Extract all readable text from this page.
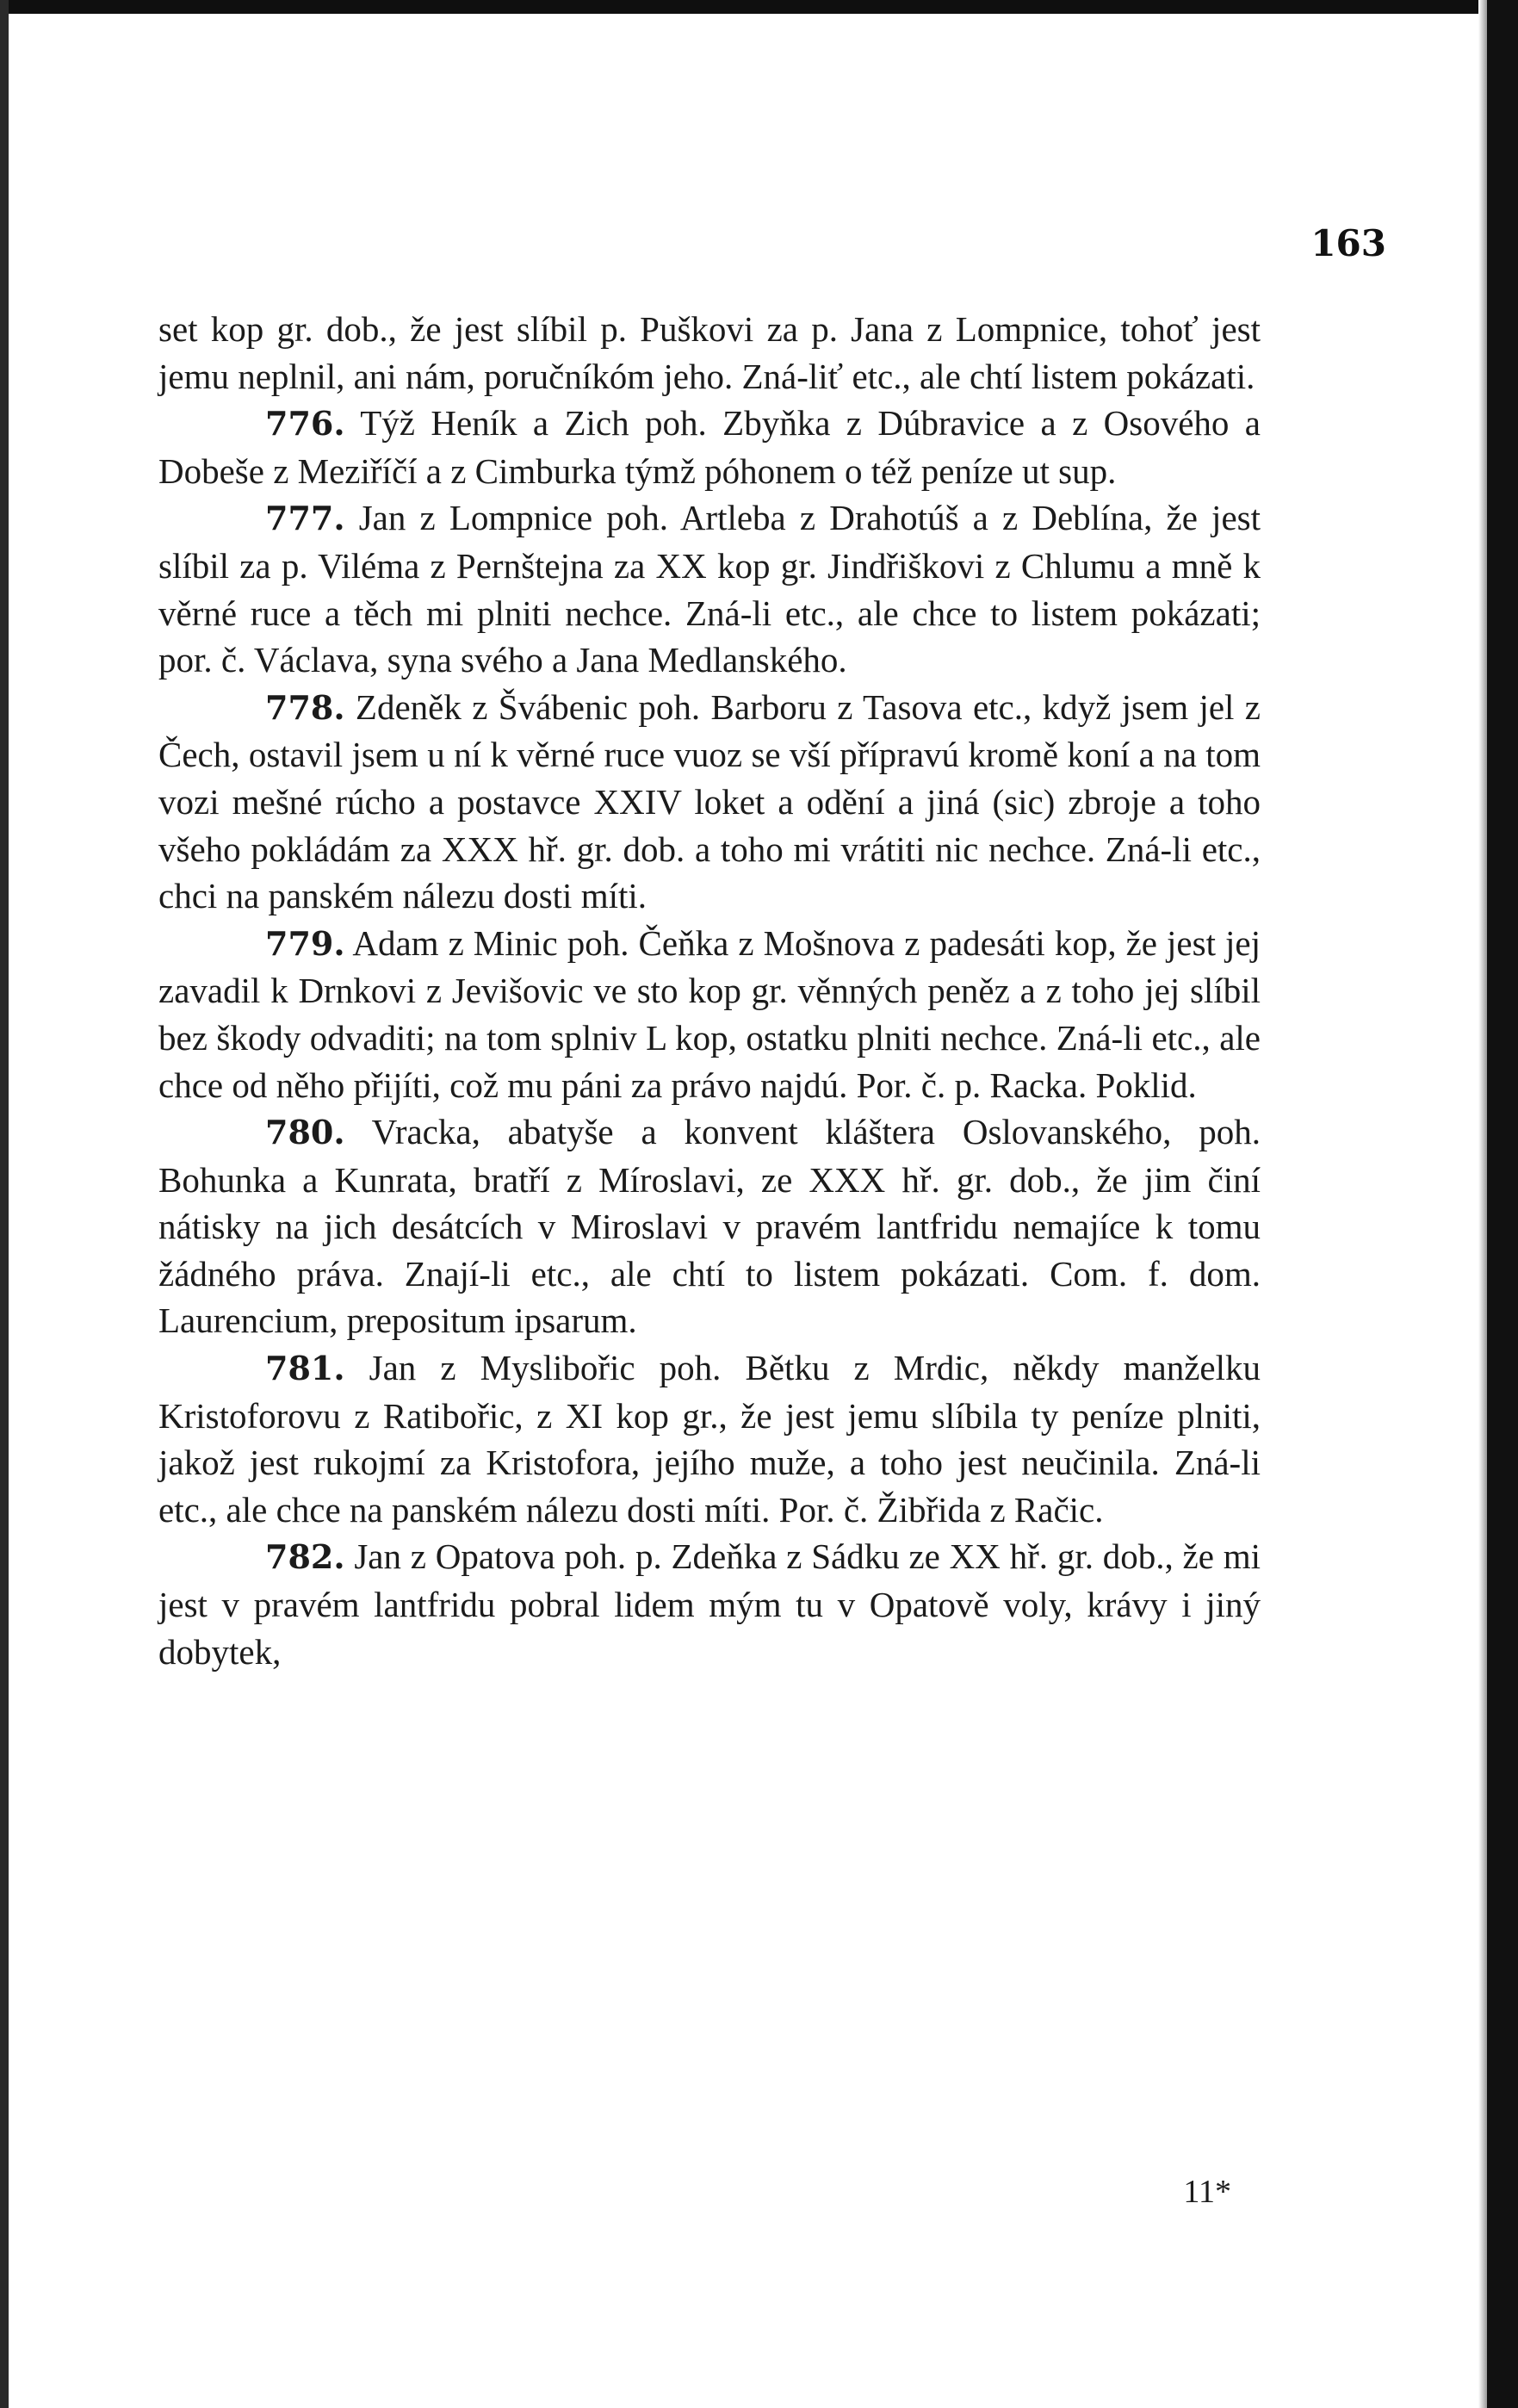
163

set kop gr. dob., že jest slíbil p. Puškovi za p. Jana z Lompnice, tohoť jest jemu neplnil, ani nám, poručníkóm jeho. Zná-liť etc., ale chtí listem pokázati.

776. Týž Heník a Zich poh. Zbyňka z Dúbravice a z Osového a Dobeše z Meziříčí a z Cimburka týmž póhonem o též peníze ut sup.

777. Jan z Lompnice poh. Artleba z Drahotúš a z Deblína, že jest slíbil za p. Viléma z Pernštejna za XX kop gr. Jindřiškovi z Chlumu a mně k věrné ruce a těch mi plniti nechce. Zná-li etc., ale chce to listem pokázati; por. č. Václava, syna svého a Jana Medlanského.

778. Zdeněk z Švábenic poh. Barboru z Tasova etc., když jsem jel z Čech, ostavil jsem u ní k věrné ruce vuoz se vší přípravú kromě koní a na tom vozi mešné rúcho a postavce XXIV loket a odění a jiná (sic) zbroje a toho všeho pokládám za XXX hř. gr. dob. a toho mi vrátiti nic nechce. Zná-li etc., chci na panském nálezu dosti míti.

779. Adam z Minic poh. Čeňka z Mošnova z padesáti kop, že jest jej zavadil k Drnkovi z Jevišovic ve sto kop gr. věnných peněz a z toho jej slíbil bez škody odvaditi; na tom splniv L kop, ostatku plniti nechce. Zná-li etc., ale chce od něho přijíti, což mu páni za právo najdú. Por. č. p. Racka. Poklid.

780. Vracka, abatyše a konvent kláštera Oslovanského, poh. Bohunka a Kunrata, bratří z Míroslavi, ze XXX hř. gr. dob., že jim činí nátisky na jich desátcích v Miroslavi v pravém lantfridu nemajíce k tomu žádného práva. Znají-li etc., ale chtí to listem pokázati. Com. f. dom. Laurencium, prepositum ipsarum.

781. Jan z Myslibořic poh. Bětku z Mrdic, někdy manželku Kristoforovu z Ratibořic, z XI kop gr., že jest jemu slíbila ty peníze plniti, jakož jest rukojmí za Kristofora, jejího muže, a toho jest neučinila. Zná-li etc., ale chce na panském nálezu dosti míti. Por. č. Žibřida z Račic.

782. Jan z Opatova poh. p. Zdeňka z Sádku ze XX hř. gr. dob., že mi jest v pravém lantfridu pobral lidem mým tu v Opatově voly, krávy i jiný dobytek,

11*
